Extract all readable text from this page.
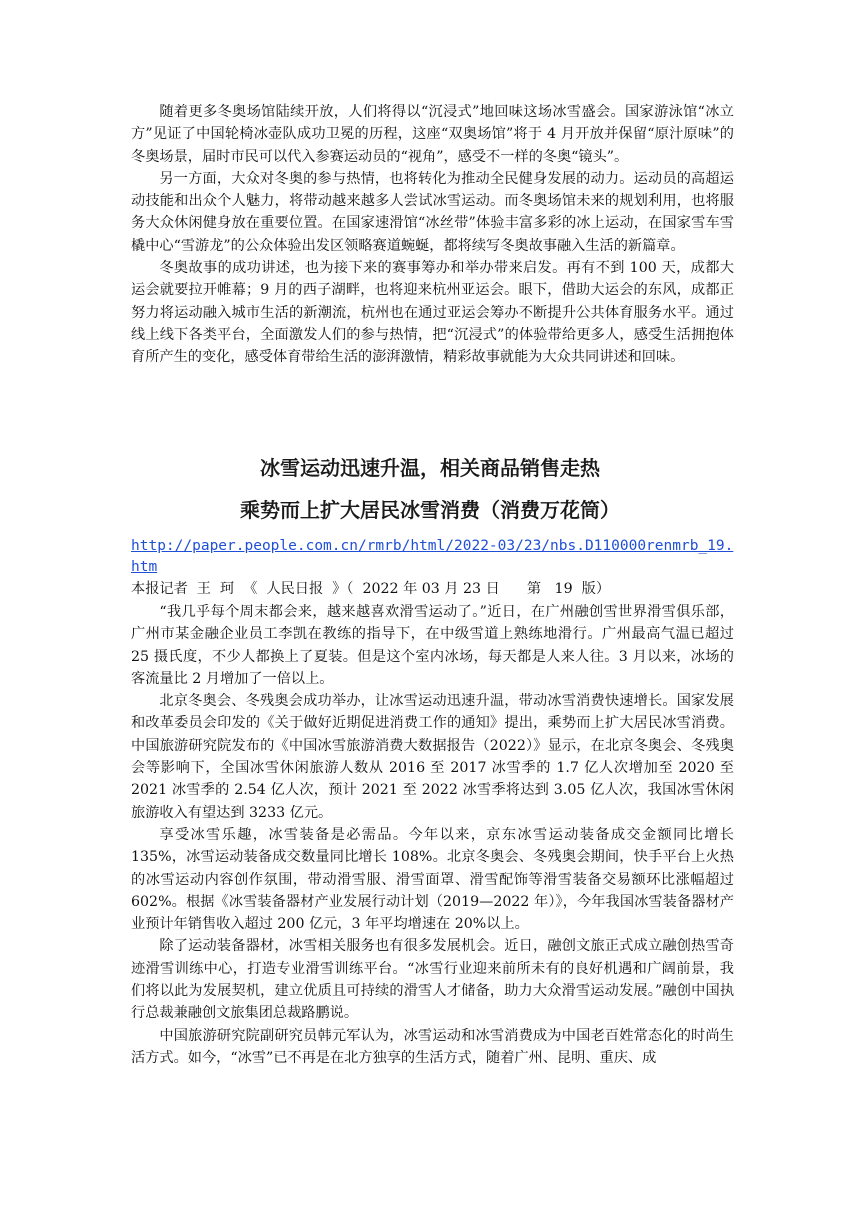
随着更多冬奥场馆陆续开放，人们将得以“沉浸式”地回味这场冰雪盛会。国家游泳馆“冰立方”见证了中国轮椅冰壶队成功卫冕的历程，这座“双奥场馆”将于 4 月开放并保留“原汁原味”的冬奥场景，届时市民可以代入参赛运动员的“视角”，感受不一样的冬奥“镜头”。

另一方面，大众对冬奥的参与热情，也将转化为推动全民健身发展的动力。运动员的高超运动技能和出众个人魅力，将带动越来越多人尝试冰雪运动。而冬奥场馆未来的规划利用，也将服务大众休闲健身放在重要位置。在国家速滑馆“冰丝带”体验丰富多彩的冰上运动，在国家雪车雪橇中心“雪游龙”的公众体验出发区领略赛道蜿蜒，都将续写冬奥故事融入生活的新篇章。

冬奥故事的成功讲述，也为接下来的赛事筹办和举办带来启发。再有不到 100 天，成都大运会就要拉开帷幕；9 月的西子湖畔，也将迎来杭州亚运会。眼下，借助大运会的东风，成都正努力将运动融入城市生活的新潮流，杭州也在通过亚运会筹办不断提升公共体育服务水平。通过线上线下各类平台，全面激发人们的参与热情，把“沉浸式”的体验带给更多人，感受生活拥抱体育所产生的变化，感受体育带给生活的澎湃激情，精彩故事就能为大众共同讲述和回味。

冰雪运动迅速升温，相关商品销售走热
乘势而上扩大居民冰雪消费（消费万花筒）
http://paper.people.com.cn/rmrb/html/2022-03/23/nbs.D110000renmrb_19.htm
本报记者  王  珂  《  人民日报  》（  2022 年 03 月 23 日      第   19  版）

“我几乎每个周末都会来，越来越喜欢滑雪运动了。”近日，在广州融创雪世界滑雪俱乐部，广州市某金融企业员工李凯在教练的指导下，在中级雪道上熟练地滑行。广州最高气温已超过 25 摄氏度，不少人都换上了夏装。但是这个室内冰场，每天都是人来人往。3 月以来，冰场的客流量比 2 月增加了一倍以上。

北京冬奥会、冬残奥会成功举办，让冰雪运动迅速升温，带动冰雪消费快速增长。国家发展和改革委员会印发的《关于做好近期促进消费工作的通知》提出，乘势而上扩大居民冰雪消费。中国旅游研究院发布的《中国冰雪旅游消费大数据报告（2022）》显示，在北京冬奥会、冬残奥会等影响下，全国冰雪休闲旅游人数从 2016 至 2017 冰雪季的 1.7 亿人次增加至 2020 至 2021 冰雪季的 2.54 亿人次，预计 2021 至 2022 冰雪季将达到 3.05 亿人次，我国冰雪休闲旅游收入有望达到 3233 亿元。

享受冰雪乐趣，冰雪装备是必需品。今年以来，京东冰雪运动装备成交金额同比增长 135%，冰雪运动装备成交数量同比增长 108%。北京冬奥会、冬残奥会期间，快手平台上火热的冰雪运动内容创作氛围，带动滑雪服、滑雪面罩、滑雪配饰等滑雪装备交易额环比涨幅超过 602%。根据《冰雪装备器材产业发展行动计划（2019—2022 年）》，今年我国冰雪装备器材产业预计年销售收入超过 200 亿元，3 年平均增速在 20%以上。

除了运动装备器材，冰雪相关服务也有很多发展机会。近日，融创文旅正式成立融创热雪奇迹滑雪训练中心，打造专业滑雪训练平台。“冰雪行业迎来前所未有的良好机遇和广阔前景，我们将以此为发展契机，建立优质且可持续的滑雪人才储备，助力大众滑雪运动发展。”融创中国执行总裁兼融创文旅集团总裁路鹏说。

中国旅游研究院副研究员韩元军认为，冰雪运动和冰雪消费成为中国老百姓常态化的时尚生活方式。如今，“冰雪”已不再是在北方独享的生活方式，随着广州、昆明、重庆、成
